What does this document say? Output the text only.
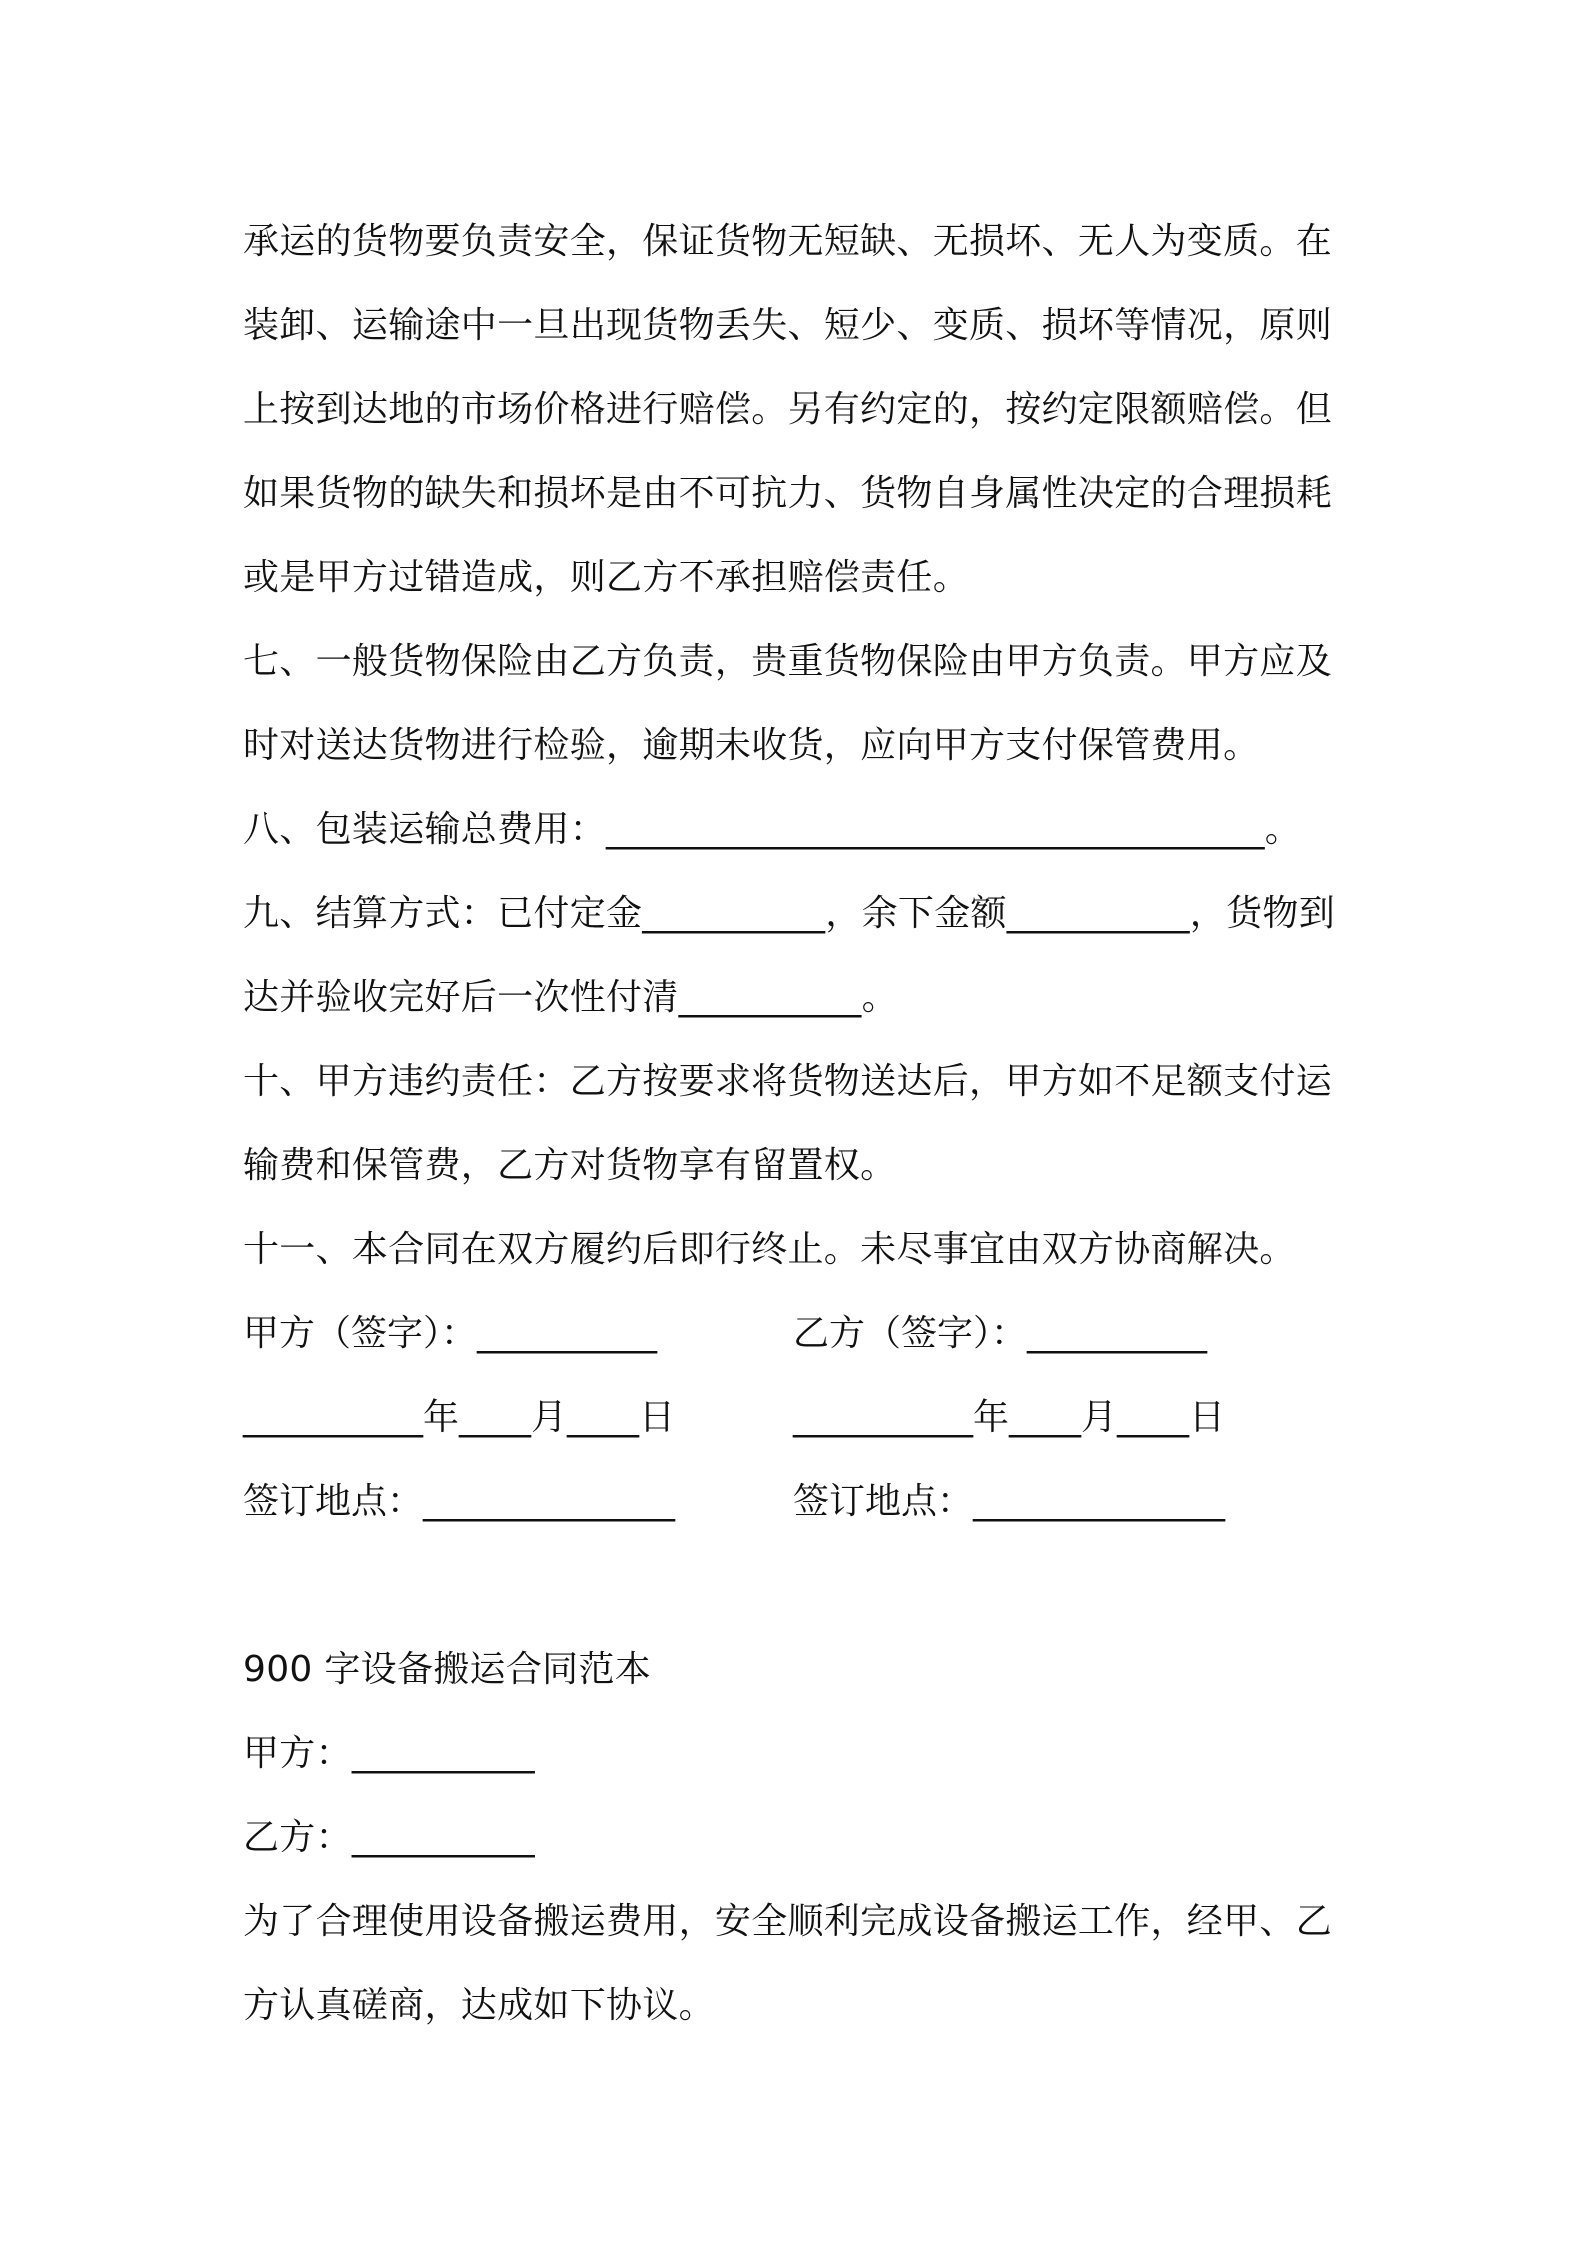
承运的货物要负责安全，保证货物无短缺、无损坏、无人为变质。在
装卸、运输途中一旦出现货物丢失、短少、变质、损坏等情况，原则
上按到达地的市场价格进行赔偿。另有约定的，按约定限额赔偿。但
如果货物的缺失和损坏是由不可抗力、货物自身属性决定的合理损耗
或是甲方过错造成，则乙方不承担赔偿责任。
七、一般货物保险由乙方负责，贵重货物保险由甲方负责。甲方应及
时对送达货物进行检验，逾期未收货，应向甲方支付保管费用。
八、包装运输总费用：____________________________________。
九、结算方式：已付定金__________，余下金额__________，货物到
达并验收完好后一次性付清__________。
十、甲方违约责任：乙方按要求将货物送达后，甲方如不足额支付运
输费和保管费，乙方对货物享有留置权。
十一、本合同在双方履约后即行终止。未尽事宜由双方协商解决。
甲方（签字）：__________	乙方（签字）：__________
__________年____月____日	__________年____月____日
签订地点：______________	签订地点：______________
900 字设备搬运合同范本
甲方：__________
乙方：__________
为了合理使用设备搬运费用，安全顺利完成设备搬运工作，经甲、乙
方认真磋商，达成如下协议。
